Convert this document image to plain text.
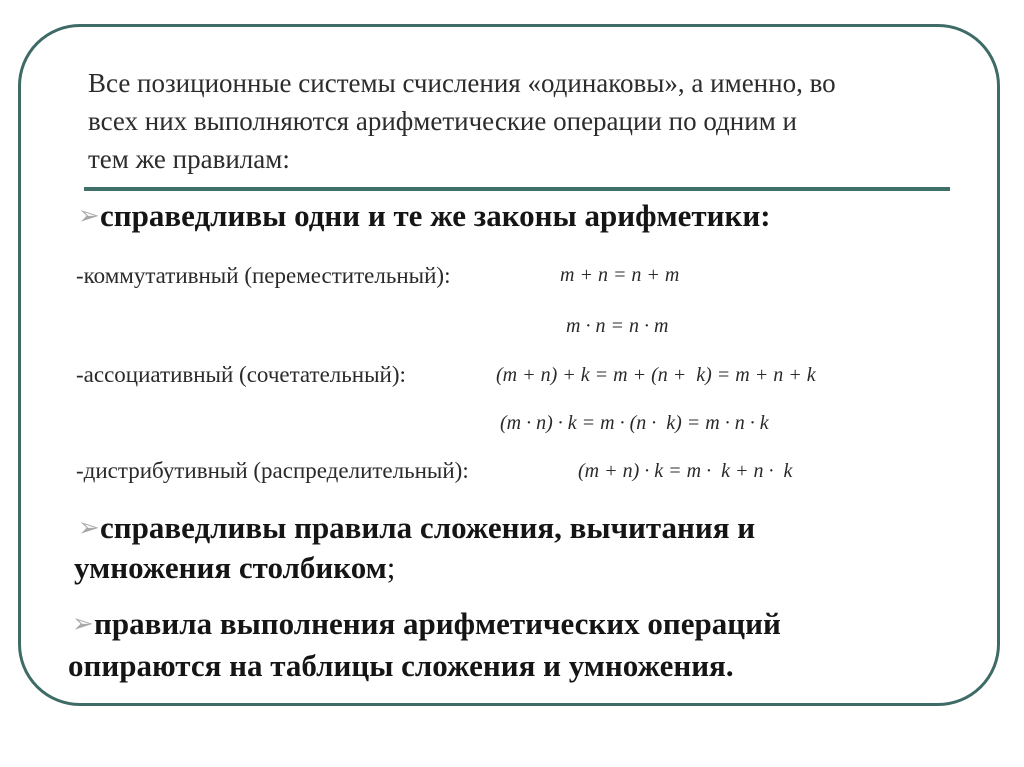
Все позиционные системы счисления «одинаковы», а именно, во
всех них выполняются арифметические операции по одним и
тем же правилам:
➢справедливы одни и те же законы арифметики:
-коммутативный (переместительный):	m + n = n + m
m · n = n · m
-ассоциативный (сочетательный):	(m + n) + k = m + (n +  k) = m + n + k
(m · n) · k = m · (n ·  k) = m · n · k
-дистрибутивный (распределительный):	(m + n) · k = m ·  k + n ·  k
➢справедливы правила сложения, вычитания и
умножения столбиком;
➢правила выполнения арифметических операций
опираются на таблицы сложения и умножения.
